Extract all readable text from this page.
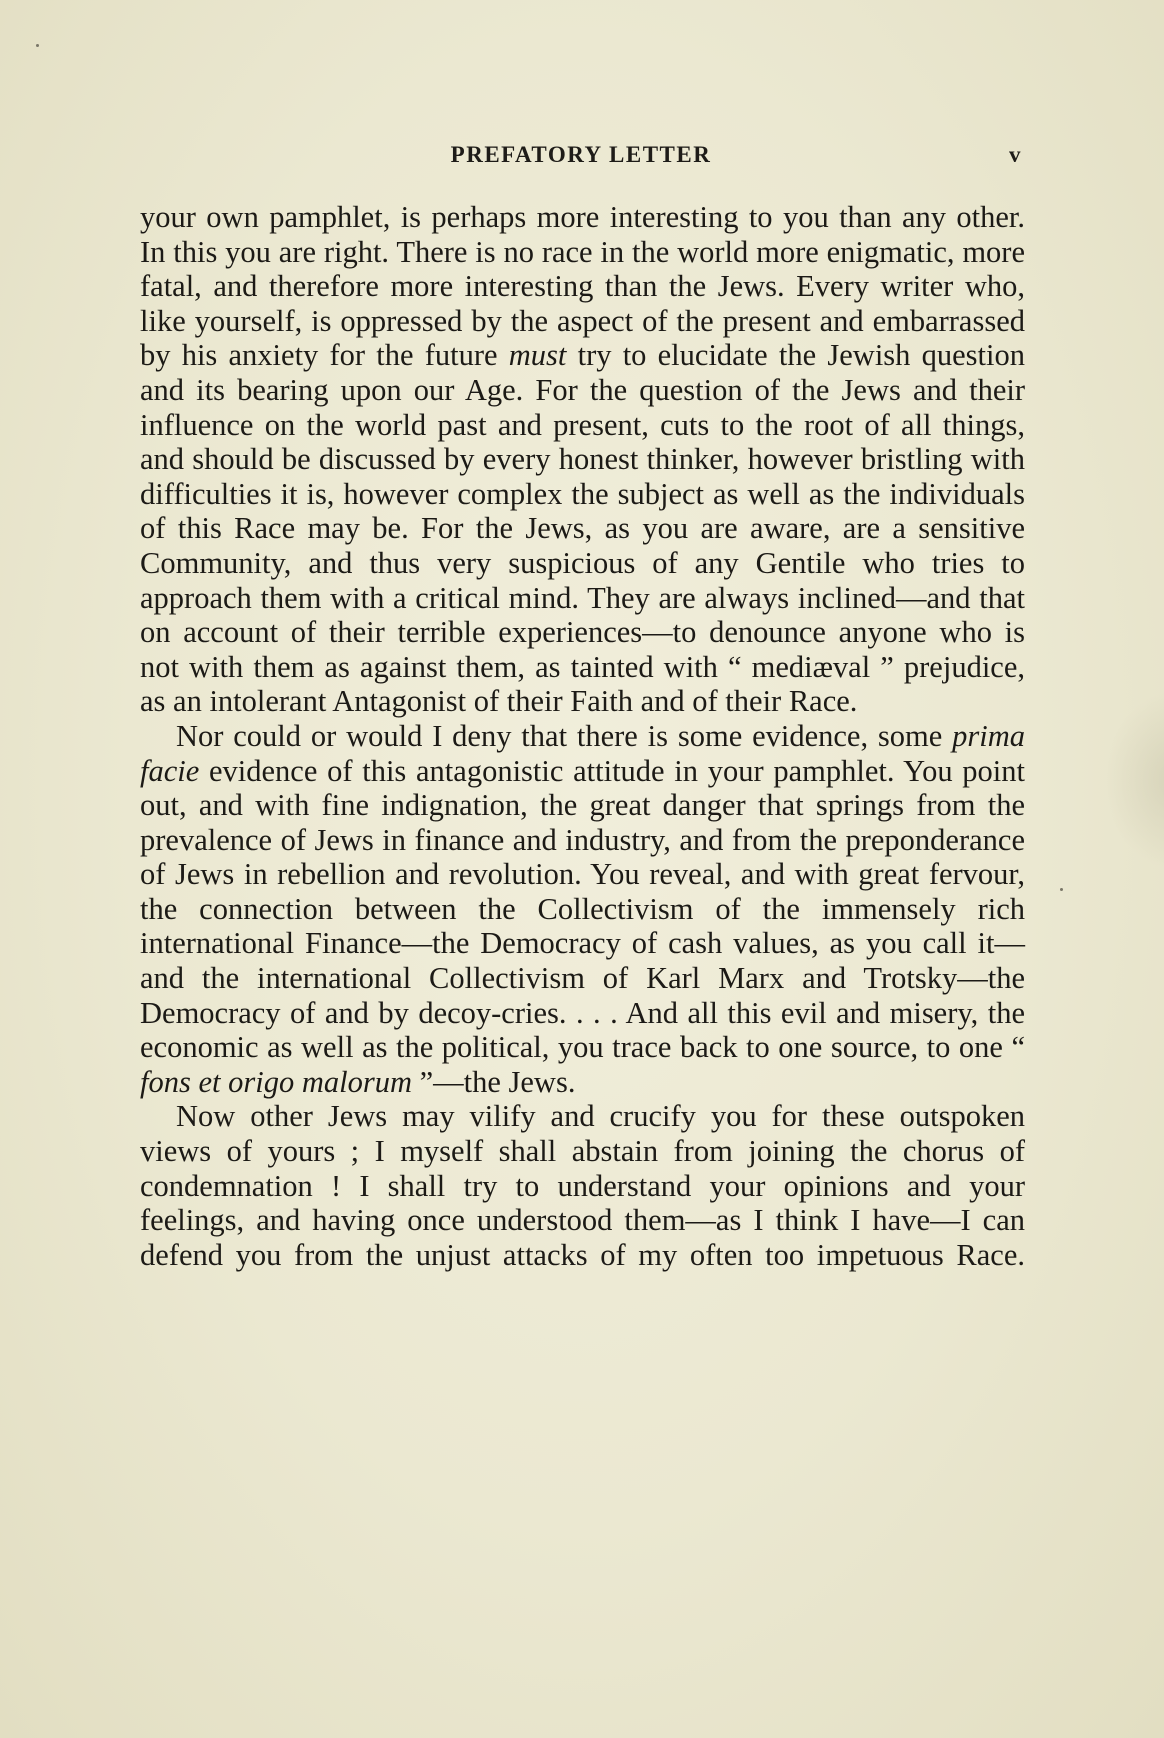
PREFATORY LETTER	v

your own pamphlet, is perhaps more interesting to you than any other. In this you are right. There is no race in the world more enigmatic, more fatal, and therefore more interesting than the Jews. Every writer who, like yourself, is oppressed by the aspect of the present and embarrassed by his anxiety for the future must try to elucidate the Jewish question and its bearing upon our Age. For the question of the Jews and their influence on the world past and present, cuts to the root of all things, and should be discussed by every honest thinker, however bristling with difficulties it is, however complex the subject as well as the individuals of this Race may be. For the Jews, as you are aware, are a sensitive Community, and thus very suspicious of any Gentile who tries to approach them with a critical mind. They are always inclined—and that on account of their terrible experiences—to denounce anyone who is not with them as against them, as tainted with “ mediæval ” prejudice, as an intolerant Antagonist of their Faith and of their Race.

Nor could or would I deny that there is some evidence, some prima facie evidence of this antagonistic attitude in your pamphlet. You point out, and with fine indignation, the great danger that springs from the prevalence of Jews in finance and industry, and from the preponderance of Jews in rebellion and revolution. You reveal, and with great fervour, the connection between the Collectivism of the immensely rich international Finance—the Democracy of cash values, as you call it—and the international Collectivism of Karl Marx and Trotsky—the Democracy of and by decoy-cries. . . . And all this evil and misery, the economic as well as the political, you trace back to one source, to one “ fons et origo malorum ”—the Jews.

Now other Jews may vilify and crucify you for these outspoken views of yours ; I myself shall abstain from joining the chorus of condemnation ! I shall try to understand your opinions and your feelings, and having once understood them—as I think I have—I can defend you from the unjust attacks of my often too impetuous Race.
